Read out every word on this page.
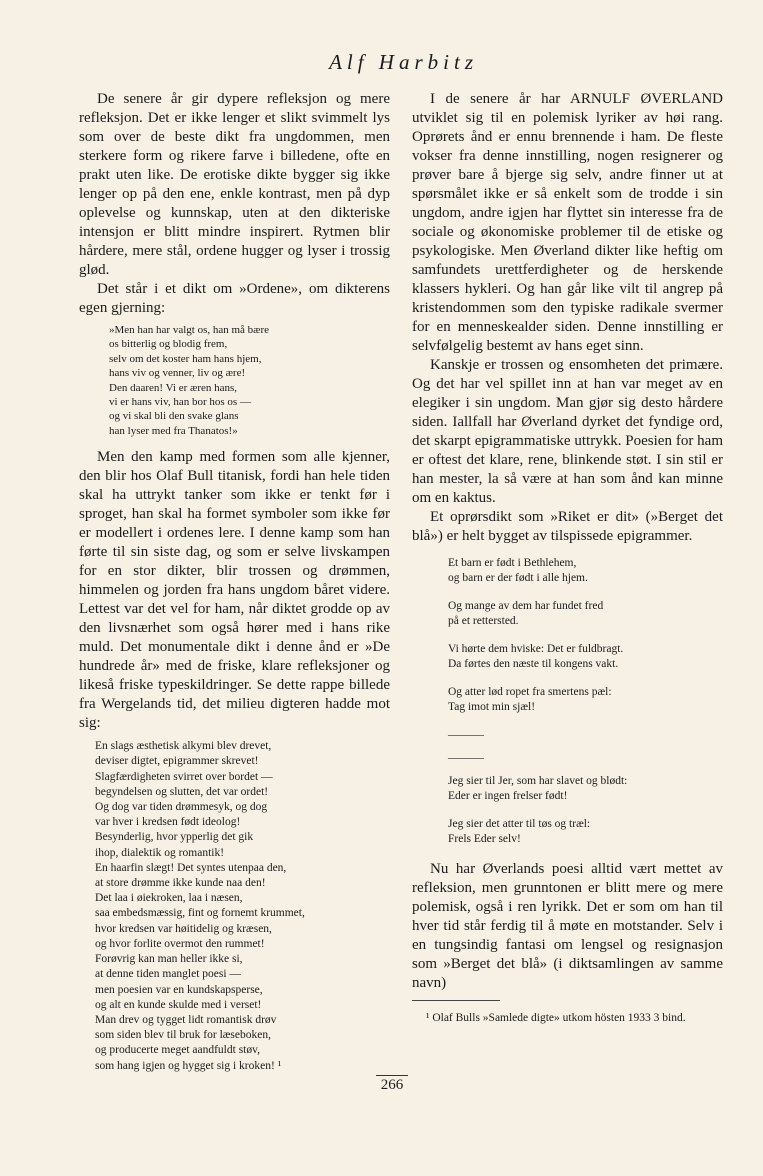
Alf Harbitz

De senere år gir dypere refleksjon og mere refleksjon. Det er ikke lenger et slikt svimmelt lys som over de beste dikt fra ungdommen, men sterkere form og rikere farve i billedene, ofte en prakt uten like. De erotiske dikte bygger sig ikke lenger op på den ene, enkle kontrast, men på dyp oplevelse og kunnskap, uten at den dikteriske intensjon er blitt mindre inspirert. Rytmen blir hårdere, mere stål, ordene hugger og lyser i trossig glød.

Det står i et dikt om »Ordene», om dikterens egen gjerning:

»Men han har valgt os, han må bære
os bitterlig og blodig frem,
selv om det koster ham hans hjem,
hans viv og venner, liv og ære!
Den daaren! Vi er æren hans,
vi er hans viv, han bor hos os —
og vi skal bli den svake glans
han lyser med fra Thanatos!»

Men den kamp med formen som alle kjenner, den blir hos Olaf Bull titanisk, fordi han hele tiden skal ha uttrykt tanker som ikke er tenkt før i sproget, han skal ha formet symboler som ikke før er modellert i ordenes lere. I denne kamp som han førte til sin siste dag, og som er selve livskampen for en stor dikter, blir trossen og drømmen, himmelen og jorden fra hans ungdom båret videre. Lettest var det vel for ham, når diktet grodde op av den livsnærhet som også hører med i hans rike muld. Det monumentale dikt i denne ånd er »De hundrede år» med de friske, klare refleksjoner og likeså friske typeskildringer. Se dette rappe billede fra Wergelands tid, det milieu digteren hadde mot sig:

En slags æsthetisk alkymi blev drevet,
deviser digtet, epigrammer skrevet!
Slagfærdigheten svirret over bordet —
begyndelsen og slutten, det var ordet!
Og dog var tiden drømmesyk, og dog
var hver i kredsen født ideolog!
Besynderlig, hvor ypperlig det gik
ihop, dialektik og romantik!
En haarfin slægt! Det syntes utenpaa den,
at store drømme ikke kunde naa den!
Det laa i øiekroken, laa i næsen,
saa embedsmæssig, fint og fornemt krummet,
hvor kredsen var høitidelig og kræsen,
og hvor forlite overmot den rummet!
Forøvrig kan man heller ikke si,
at denne tiden manglet poesi —
men poesien var en kundskapsperse,
og alt en kunde skulde med i verset!
Man drev og tygget lidt romantisk drøv
som siden blev til bruk for læseboken,
og producerte meget aandfuldt støv,
som hang igjen og hygget sig i kroken! ¹

I de senere år har ARNULF ØVERLAND utviklet sig til en polemisk lyriker av høi rang. Oprørets ånd er ennu brennende i ham. De fleste vokser fra denne innstilling, nogen resignerer og prøver bare å bjerge sig selv, andre finner ut at spørsmålet ikke er så enkelt som de trodde i sin ungdom, andre igjen har flyttet sin interesse fra de sociale og økonomiske problemer til de etiske og psykologiske. Men Øverland dikter like heftig om samfundets urettferdigheter og de herskende klassers hykleri. Og han går like vilt til angrep på kristendommen som den typiske radikale svermer for en menneskealder siden. Denne innstilling er selvfølgelig bestemt av hans eget sinn.

Kanskje er trossen og ensomheten det primære. Og det har vel spillet inn at han var meget av en elegiker i sin ungdom. Man gjør sig desto hårdere siden. Iallfall har Øverland dyrket det fyndige ord, det skarpt epigrammatiske uttrykk. Poesien for ham er oftest det klare, rene, blinkende støt. I sin stil er han mester, la så være at han som ånd kan minne om en kaktus.

Et oprørsdikt som »Riket er dit» (»Berget det blå») er helt bygget av tilspissede epigrammer.

Et barn er født i Bethlehem,
og barn er der født i alle hjem.
Og mange av dem har fundet fred
på et rettersted.
Vi hørte dem hviske: Det er fuldbragt.
Da førtes den næste til kongens vakt.
Og atter lød ropet fra smertens pæl:
Tag imot min sjæl!
———
———
Jeg sier til Jer, som har slavet og blødt:
Eder er ingen frelser født!
Jeg sier det atter til tøs og træl:
Frels Eder selv!

Nu har Øverlands poesi alltid vært mettet av refleksion, men grunntonen er blitt mere og mere polemisk, også i ren lyrikk. Det er som om han til hver tid står ferdig til å møte en motstander. Selv i en tungsindig fantasi om lengsel og resignasjon som »Berget det blå» (i diktsamlingen av samme navn)

¹ Olaf Bulls »Samlede digte» utkom hösten 1933 3 bind.

266
